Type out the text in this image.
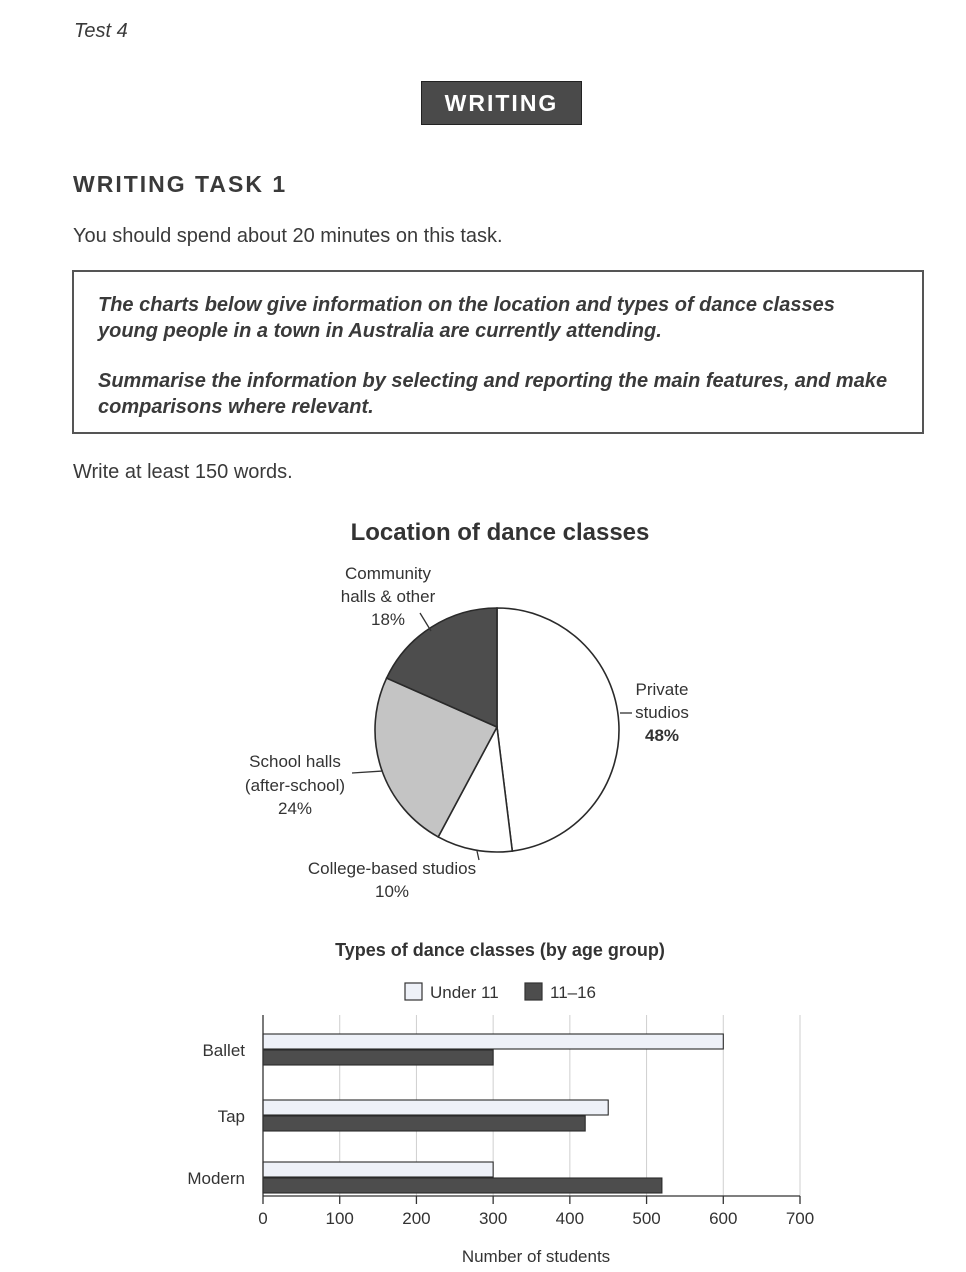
Test 4
WRITING
WRITING TASK 1
You should spend about 20 minutes on this task.

The charts below give information on the location and types of dance classes young people in a town in Australia are currently attending.

Summarise the information by selecting and reporting the main features, and make comparisons where relevant.

Write at least 150 words.
Location of dance classes
Private
studios
48%
College-based studios
10%
School halls
(after-school)
24%
Community
halls & other
18%
Types of dance classes (by age group)
Under 11	11–16
Ballet
Tap
Modern
0	100	200	300	400	500	600	700
Number of students
